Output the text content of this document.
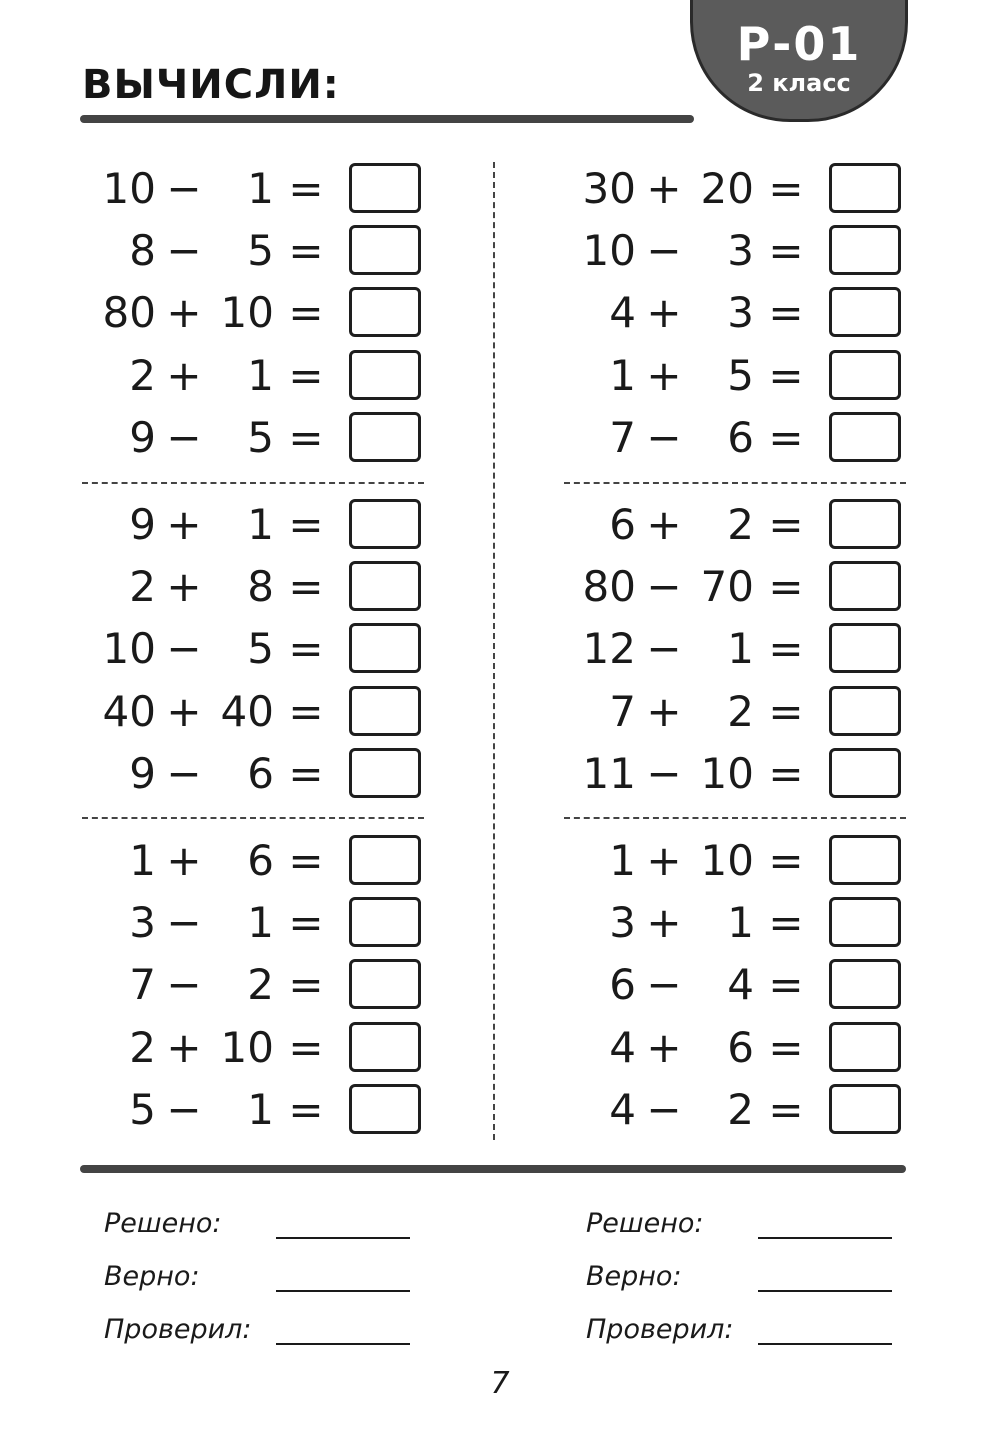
ВЫЧИСЛИ:
Р-01
2 класс
10 −	1 =
8 −	5 =
80 + 10 =
2 +	1 =
9 −	5 =
9 +	1 =
2 +	8 =
10 −	5 =
40 + 40 =
9 −	6 =
1 +	6 =
3 −	1 =
7 −	2 =
2 + 10 =
5 −	1 =
30 + 20 =
10 −	3 =
4 +	3 =
1 +	5 =
7 −	6 =
6 +	2 =
80 − 70 =
12 −	1 =
7 +	2 =
11 − 10 =
1 + 10 =
3 +	1 =
6 −	4 =
4 +	6 =
4 −	2 =
Решено:
Верно:
Проверил:
Решено:
Верно:
Проверил:
7
